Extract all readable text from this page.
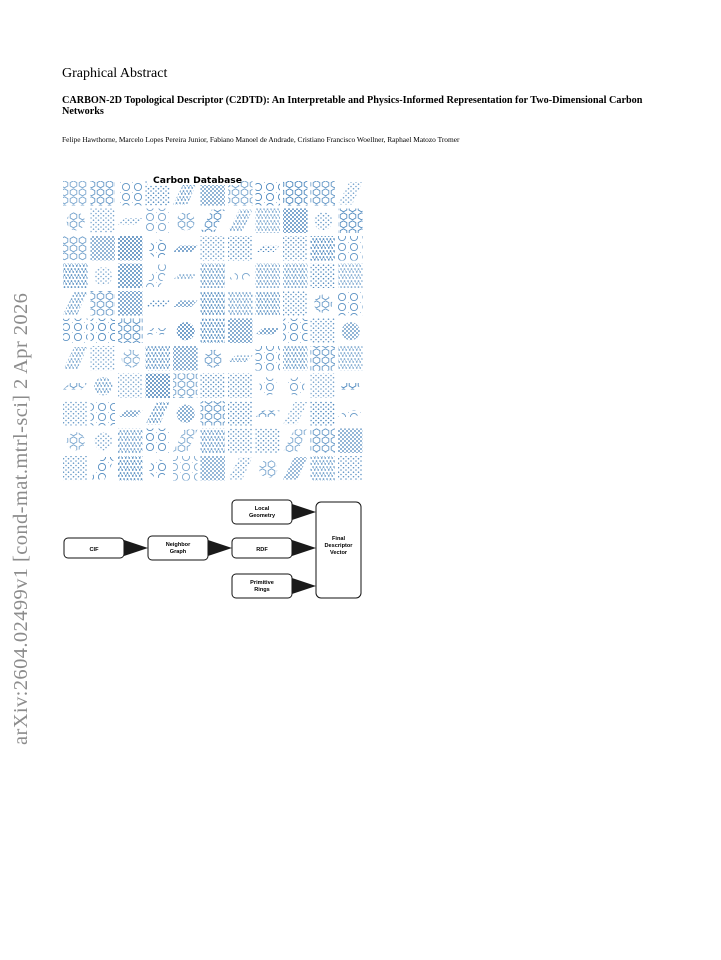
arXiv:2604.02499v1 [cond-mat.mtrl-sci] 2 Apr 2026
Graphical Abstract
CARBON-2D Topological Descriptor (C2DTD): An Interpretable and Physics-Informed Representation for Two-Dimensional Carbon Networks
Felipe Hawthorne, Marcelo Lopes Pereira Junior, Fabiano Manoel de Andrade, Cristiano Francisco Woellner, Raphael Matozo Tromer
Carbon Database
CIF
Neighbor
Graph
Local
Geometry
RDF
Primitive
Rings
Final
Descriptor
Vector
